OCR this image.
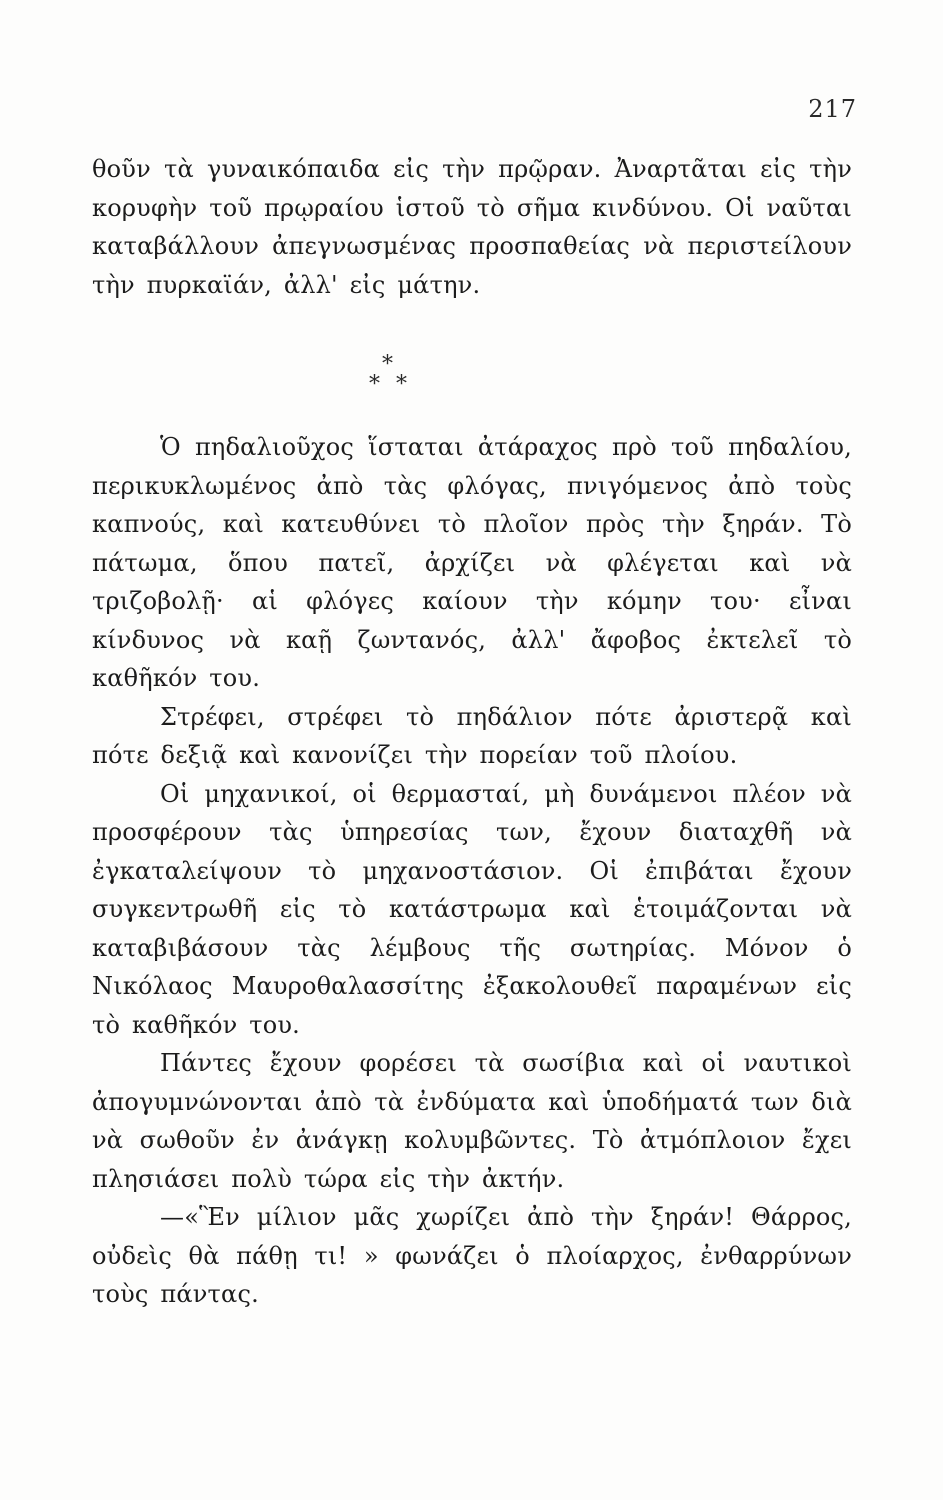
217

θοῦν τὰ γυναικόπαιδα εἰς τὴν πρῷραν. Ἀναρτᾶται εἰς τὴν κορυφὴν τοῦ πρῳραίου ἱστοῦ τὸ σῆμα κινδύνου. Οἱ ναῦται καταβάλλουν ἀπεγνωσμένας προσπαθείας νὰ περιστείλουν τὴν πυρκαϊάν, ἀλλ' εἰς μάτην.

*
* *

Ὁ πηδαλιοῦχος ἵσταται ἀτάραχος πρὸ τοῦ πηδαλίου, περικυκλωμένος ἀπὸ τὰς φλόγας, πνιγόμενος ἀπὸ τοὺς καπνούς, καὶ κατευθύνει τὸ πλοῖον πρὸς τὴν ξηράν. Τὸ πάτωμα, ὅπου πατεῖ, ἀρχίζει νὰ φλέγεται καὶ νὰ τριζοβολῇ· αἱ φλόγες καίουν τὴν κόμην του· εἶναι κίνδυνος νὰ καῇ ζωντανός, ἀλλ' ἄφοβος ἐκτελεῖ τὸ καθῆκόν του.

Στρέφει, στρέφει τὸ πηδάλιον πότε ἀριστερᾷ καὶ πότε δεξιᾷ καὶ κανονίζει τὴν πορείαν τοῦ πλοίου.

Οἱ μηχανικοί, οἱ θερμασταί, μὴ δυνάμενοι πλέον νὰ προσφέρουν τὰς ὑπηρεσίας των, ἔχουν διαταχθῆ νὰ ἐγκαταλείψουν τὸ μηχανοστάσιον. Οἱ ἐπιβάται ἔχουν συγκεντρωθῆ εἰς τὸ κατάστρωμα καὶ ἑτοιμάζονται νὰ καταβιβάσουν τὰς λέμβους τῆς σωτηρίας. Μόνον ὁ Νικόλαος Μαυροθαλασσίτης ἐξακολουθεῖ παραμένων εἰς τὸ καθῆκόν του.

Πάντες ἔχουν φορέσει τὰ σωσίβια καὶ οἱ ναυτικοὶ ἀπογυμνώνονται ἀπὸ τὰ ἐνδύματα καὶ ὑποδήματά των διὰ νὰ σωθοῦν ἐν ἀνάγκῃ κολυμβῶντες. Τὸ ἀτμόπλοιον ἔχει πλησιάσει πολὺ τώρα εἰς τὴν ἀκτήν.

—«Ἓν μίλιον μᾶς χωρίζει ἀπὸ τὴν ξηράν! Θάρρος, οὐδεὶς θὰ πάθῃ τι! » φωνάζει ὁ πλοίαρχος, ἐνθαρρύνων τοὺς πάντας.
